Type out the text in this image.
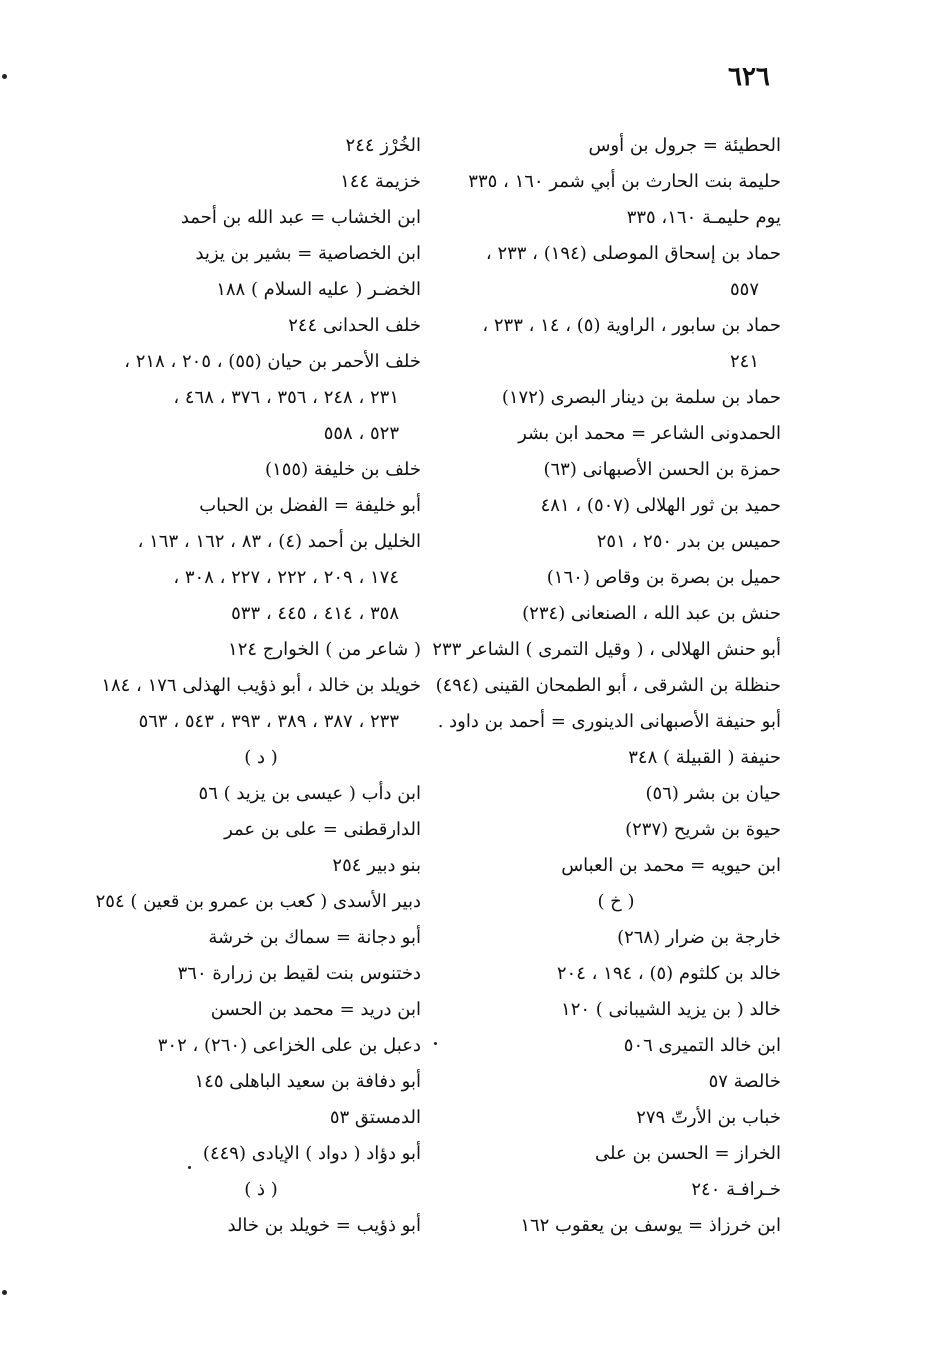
٦٢٦
الحطيئة = جرول بن أوس
حليمة بنت الحارث بن أبي شمر ١٦٠ ، ٣٣٥
يوم حليمـة ١٦٠، ٣٣٥
حماد بن إسحاق الموصلى (١٩٤) ، ٢٣٣ ،
٥٥٧
حماد بن سابور ، الراوية (٥) ، ١٤ ، ٢٣٣ ،
٢٤١
حماد بن سلمة بن دينار البصرى (١٧٢)
الحمدونى الشاعر = محمد ابن بشر
حمزة بن الحسن الأصبهانى (٦٣)
حميد بن ثور الهلالى (٥٠٧) ، ٤٨١
حميس بن بدر ٢٥٠ ، ٢٥١
حميل بن بصرة بن وقاص (١٦٠)
حنش بن عبد الله ، الصنعانى (٢٣٤)
أبو حنش الهلالى ، ( وقيل التمرى ) الشاعر ٢٣٣
حنظلة بن الشرقى ، أبو الطمحان القينى (٤٩٤)
أبو حنيفة الأصبهانى الدينورى = أحمد بن داود .
حنيفة ( القبيلة ) ٣٤٨
حيان بن بشر (٥٦)
حيوة بن شريح (٢٣٧)
ابن حيويه = محمد بن العباس
( خ )
خارجة بن ضرار (٢٦٨)
خالد بن كلثوم (٥) ، ١٩٤ ، ٢٠٤
خالد ( بن يزيد الشيبانى ) ١٢٠
ابن خالد التميرى ٥٠٦
خالصة ٥٧
خباب بن الأرتّ ٢٧٩
الخراز = الحسن بن على
خـرافـة ٢٤٠
ابن خرزاذ = يوسف بن يعقوب ١٦٢
الخُرْز ٢٤٤
خزيمة ١٤٤
ابن الخشاب = عبد الله بن أحمد
ابن الخصاصية = بشير بن يزيد
الخضـر ( عليه السلام ) ١٨٨
خلف الحدانى ٢٤٤
خلف الأحمر بن حيان (٥٥) ، ٢٠٥ ، ٢١٨ ،
٢٣١ ، ٢٤٨ ، ٣٥٦ ، ٣٧٦ ، ٤٦٨ ،
٥٢٣ ، ٥٥٨
خلف بن خليفة (١٥٥)
أبو خليفة = الفضل بن الحباب
الخليل بن أحمد (٤) ، ٨٣ ، ١٦٢ ، ١٦٣ ،
١٧٤ ، ٢٠٩ ، ٢٢٢ ، ٢٢٧ ، ٣٠٨ ،
٣٥٨ ، ٤١٤ ، ٤٤٥ ، ٥٣٣
( شاعر من ) الخوارج ١٢٤
خويلد بن خالد ، أبو ذؤيب الهذلى ١٧٦ ، ١٨٤
٢٣٣ ، ٣٨٧ ، ٣٨٩ ، ٣٩٣ ، ٥٤٣ ، ٥٦٣
( د )
ابن دأب ( عيسى بن يزيد ) ٥٦
الدارقطنى = على بن عمر
بنو دبير ٢٥٤
دبير الأسدى ( كعب بن عمرو بن قعين ) ٢٥٤
أبو دجانة = سماك بن خرشة
دختنوس بنت لقيط بن زرارة ٣٦٠
ابن دريد = محمد بن الحسن
دعبل بن على الخزاعى (٢٦٠) ، ٣٠٢
أبو دفافة بن سعيد الباهلى ١٤٥
الدمستق ٥٣
أبو دؤاد ( دواد ) الإيادى (٤٤٩)
( ذ )
أبو ذؤيب = خويلد بن خالد
